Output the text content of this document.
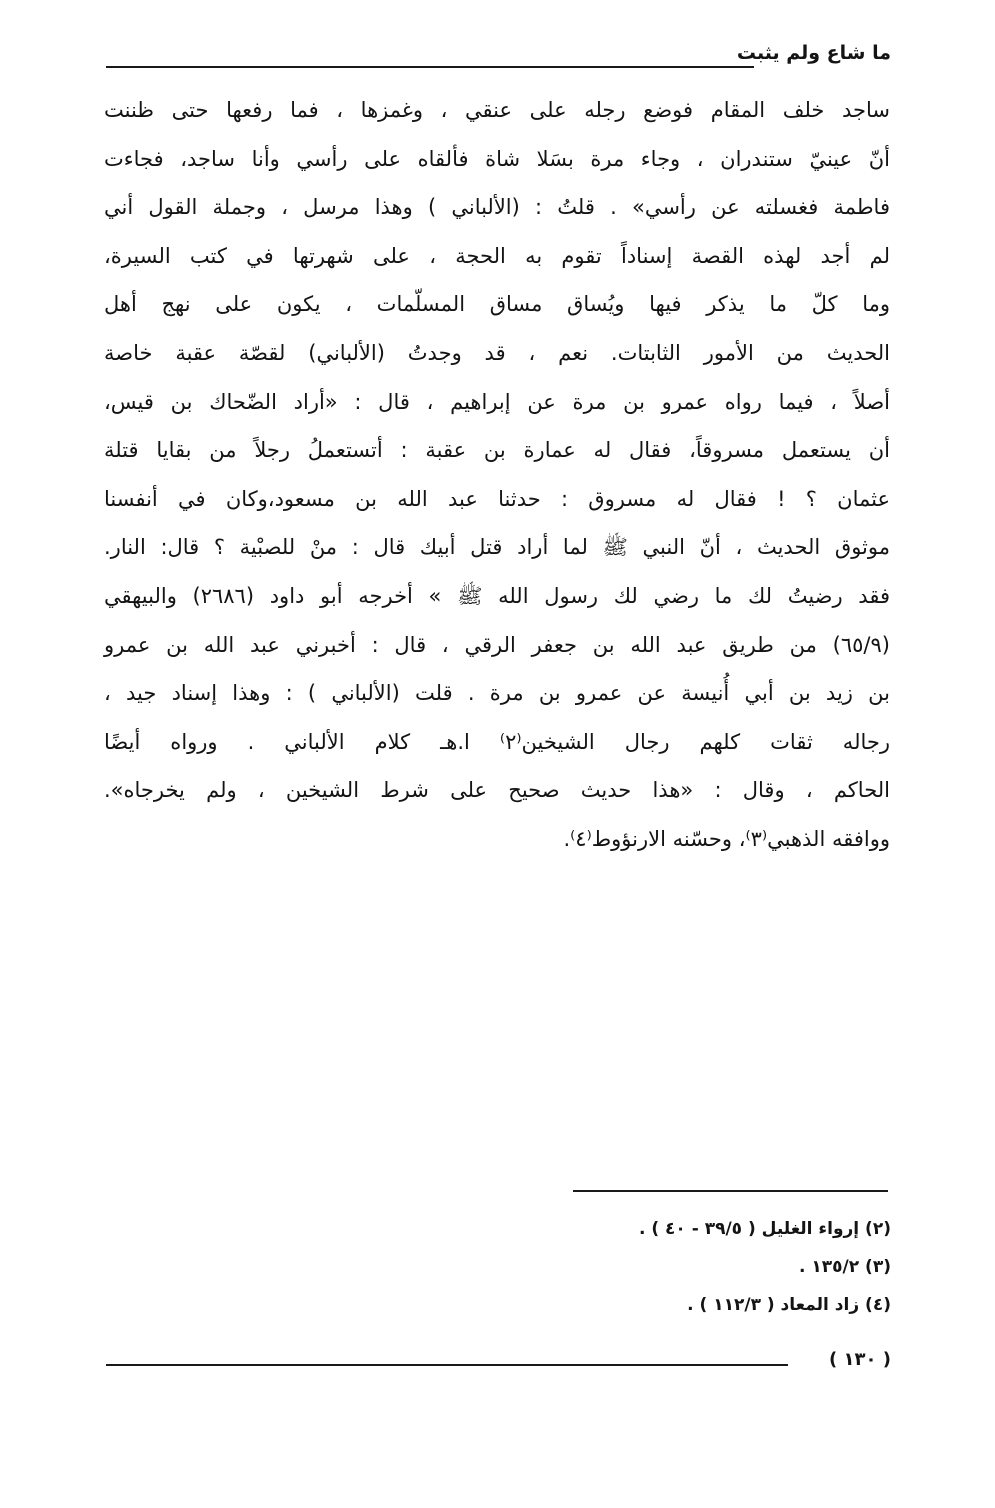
ما شاع ولم يثبت
ساجد خلف المقام فوضع رجله على عنقي ، وغمزها ، فما رفعها حتى ظننت
أنّ عينيّ ستندران ، وجاء مرة بسَلا شاة فألقاه على رأسي وأنا ساجد، فجاءت
فاطمة فغسلته عن رأسي» . قلتُ : (الألباني ) وهذا مرسل ، وجملة القول أني
لم أجد لهذه القصة إسناداً تقوم به الحجة ، على شهرتها في كتب السيرة،
وما كلّ ما يذكر فيها ويُساق مساق المسلّمات ، يكون على نهج أهل
الحديث من الأمور الثابتات. نعم ، قد وجدتُ (الألباني) لقصّة عقبة خاصة
أصلاً ، فيما رواه عمرو بن مرة عن إبراهيم ، قال : «أراد الضّحاك بن قيس،
أن يستعمل مسروقاً، فقال له عمارة بن عقبة : أتستعملُ رجلاً من بقايا قتلة
عثمان ؟ ! فقال له مسروق : حدثنا عبد الله بن مسعود،وكان في أنفسنا
موثوق الحديث ، أنّ النبي ﷺ لما أراد قتل أبيك قال : منْ للصبْية ؟ قال: النار.
فقد رضيتُ لك ما رضي لك رسول الله ﷺ » أخرجه أبو داود (٢٦٨٦) والبيهقي
(٦٥/٩) من طريق عبد الله بن جعفر الرقي ، قال : أخبرني عبد الله بن عمرو
بن زيد بن أبي أُنيسة عن عمرو بن مرة . قلت (الألباني ) : وهذا إسناد جيد ،
رجاله ثقات كلهم رجال الشيخين⁽٢⁾ ا.هـ كلام الألباني . ورواه أيضًا
الحاكم ، وقال : «هذا حديث صحيح على شرط الشيخين ، ولم يخرجاه».
ووافقه الذهبي⁽٣⁾، وحسّنه الارنؤوط⁽٤⁾.
(٢) إرواء الغليل ( ٣٩/٥ - ٤٠ ) .
(٣) ١٣٥/٢ .
(٤) زاد المعاد ( ١١٢/٣ ) .
( ١٣٠ )
